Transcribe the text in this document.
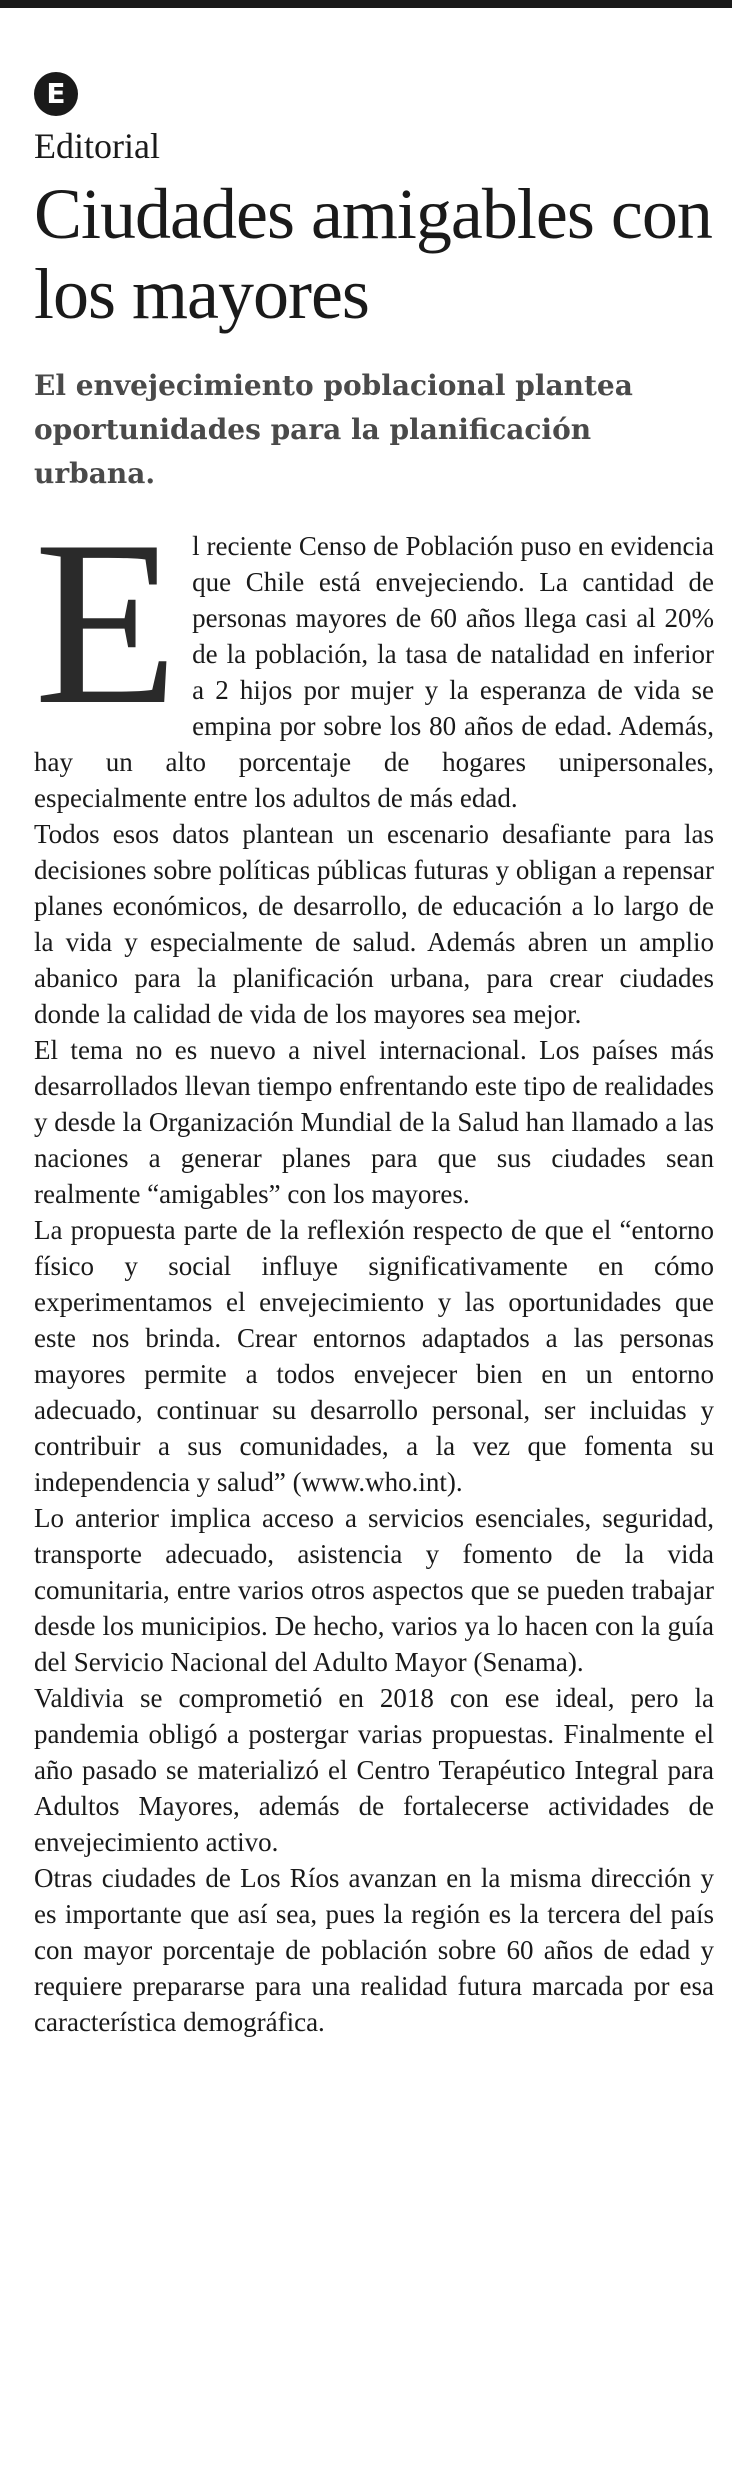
E
Editorial
Ciudades amigables con los mayores
El envejecimiento poblacional plantea oportunidades para la planificación urbana.

El reciente Censo de Población puso en evidencia que Chile está envejeciendo. La cantidad de personas mayores de 60 años llega casi al 20% de la población, la tasa de natalidad en inferior a 2 hijos por mujer y la esperanza de vida se empina por sobre los 80 años de edad. Además, hay un alto porcentaje de hogares unipersonales, especialmente entre los adultos de más edad.

Todos esos datos plantean un escenario desafiante para las decisiones sobre políticas públicas futuras y obligan a repensar planes económicos, de desarrollo, de educación a lo largo de la vida y especialmente de salud. Además abren un amplio abanico para la planificación urbana, para crear ciudades donde la calidad de vida de los mayores sea mejor.

El tema no es nuevo a nivel internacional. Los países más desarrollados llevan tiempo enfrentando este tipo de realidades y desde la Organización Mundial de la Salud han llamado a las naciones a generar planes para que sus ciudades sean realmente “amigables” con los mayores.

La propuesta parte de la reflexión respecto de que el “entorno físico y social influye significativamente en cómo experimentamos el envejecimiento y las oportunidades que este nos brinda. Crear entornos adaptados a las personas mayores permite a todos envejecer bien en un entorno adecuado, continuar su desarrollo personal, ser incluidas y contribuir a sus comunidades, a la vez que fomenta su independencia y salud” (www.who.int).

Lo anterior implica acceso a servicios esenciales, seguridad, transporte adecuado, asistencia y fomento de la vida comunitaria, entre varios otros aspectos que se pueden trabajar desde los municipios. De hecho, varios ya lo hacen con la guía del Servicio Nacional del Adulto Mayor (Senama).

Valdivia se comprometió en 2018 con ese ideal, pero la pandemia obligó a postergar varias propuestas. Finalmente el año pasado se materializó el Centro Terapéutico Integral para Adultos Mayores, además de fortalecerse actividades de envejecimiento activo.

Otras ciudades de Los Ríos avanzan en la misma dirección y es importante que así sea, pues la región es la tercera del país con mayor porcentaje de población sobre 60 años de edad y requiere prepararse para una realidad futura marcada por esa característica demográfica.
